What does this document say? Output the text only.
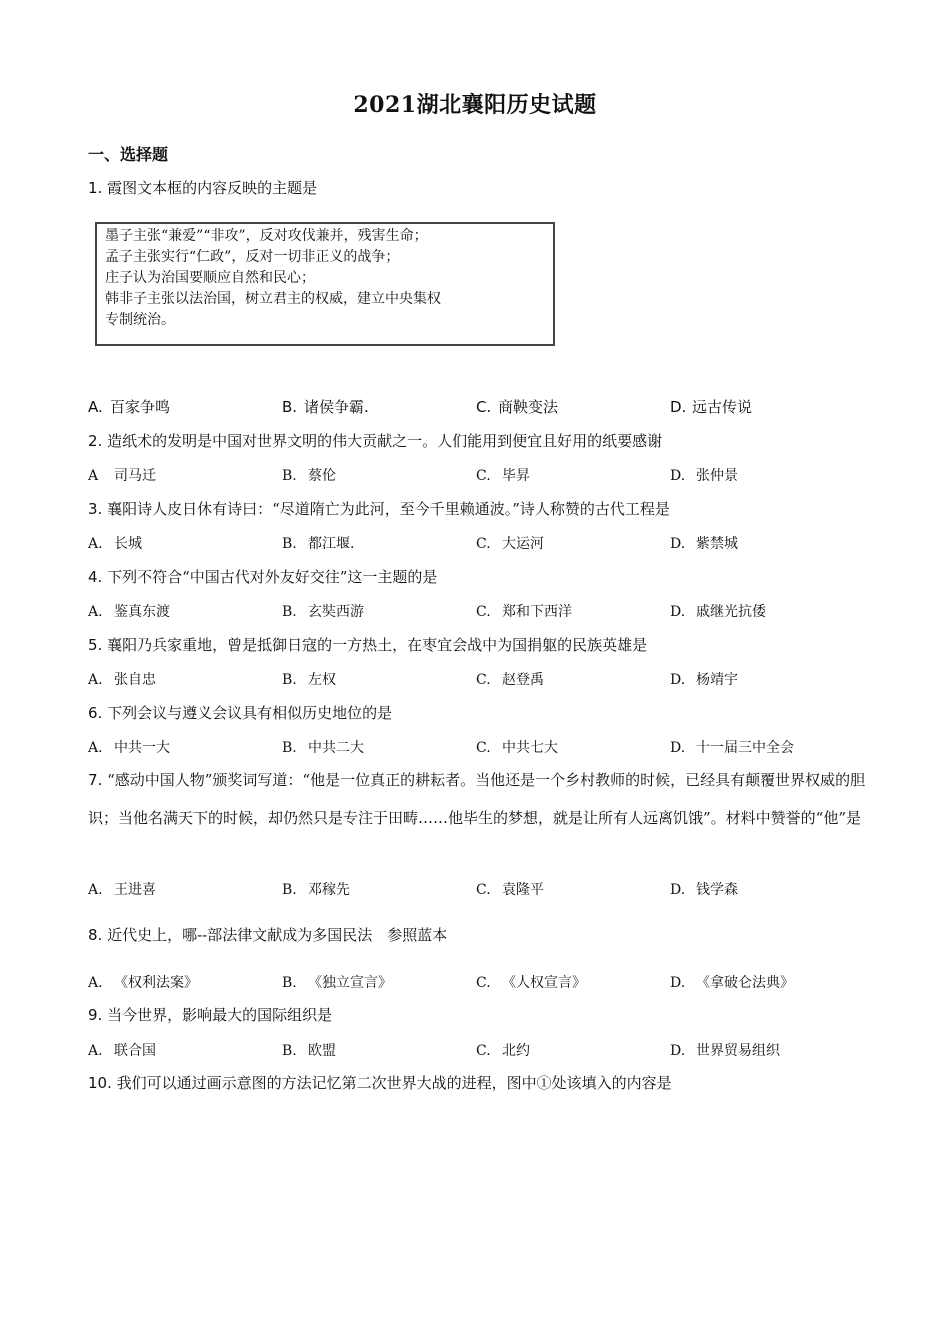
2021湖北襄阳历史试题
一、选择题
1. 霞图文本框的内容反映的主题是
墨子主张“兼爱”“非攻”，反对攻伐兼并，残害生命；
孟子主张实行“仁政”，反对一切非正义的战争；
庄子认为治国要顺应自然和民心；
韩非子主张以法治国，树立君主的权威，建立中央集权
专制统治。
A. 百家争鸣	B. 诸侯争霸.	C. 商鞅变法	D. 远古传说
2. 造纸术的发明是中国对世界文明的伟大贡献之一。人们能用到便宜且好用的纸要感谢
A 司马迁	B. 蔡伦	C. 毕昇	D. 张仲景
3. 襄阳诗人皮日休有诗曰：“尽道隋亡为此河，至今千里赖通波。”诗人称赞的古代工程是
A. 长城	B. 都江堰.	C. 大运河	D. 紫禁城
4. 下列不符合“中国古代对外友好交往”这一主题的是
A. 鉴真东渡	B. 玄奘西游	C. 郑和下西洋	D. 戚继光抗倭
5. 襄阳乃兵家重地，曾是抵御日寇的一方热土，在枣宜会战中为国捐躯的民族英雄是
A. 张自忠	B. 左权	C. 赵登禹	D. 杨靖宇
6. 下列会议与遵义会议具有相似历史地位的是
A. 中共一大	B. 中共二大	C. 中共七大	D. 十一届三中全会
7. “感动中国人物”颁奖词写道：“他是一位真正的耕耘者。当他还是一个乡村教师的时候，已经具有颠覆世界权威的胆识；当他名满天下的时候，却仍然只是专注于田畴……他毕生的梦想，就是让所有人远离饥饿”。材料中赞誉的“他”是
A. 王进喜	B. 邓稼先	C. 袁隆平	D. 钱学森
8. 近代史上，哪--部法律文献成为多国民法　参照蓝本
A. 《权利法案》	B. 《独立宣言》	C. 《人权宣言》	D. 《拿破仑法典》
9. 当今世界，影响最大的国际组织是
A. 联合国	B. 欧盟	C. 北约	D. 世界贸易组织
10. 我们可以通过画示意图的方法记忆第二次世界大战的进程，图中①处该填入的内容是
